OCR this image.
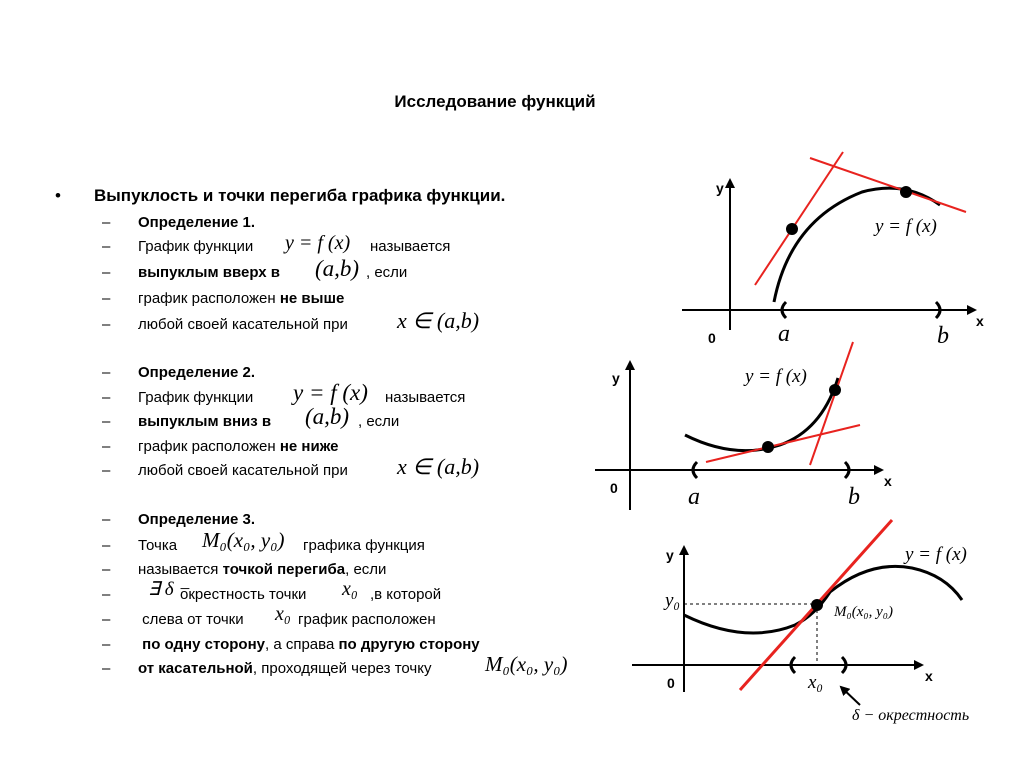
Исследование функций
• Выпуклость и точки перегиба графика функции.
– Определение 1.
– График функции y = f (x) называется
– выпуклым вверх в (a,b) , если
– график расположен не выше
– любой своей касательной при x ∈ (a,b)
– Определение 2.
– График функции y = f (x) называется
– выпуклым вниз в (a,b) , если
– график расположен не ниже
– любой своей касательной при x ∈ (a,b)
– Определение 3.
– Точка M₀(x₀, y₀) графика функция
– называется точкой перегиба, если
–	∃ δ −
окрестность точки x₀ ,в которой
– слева от точки x₀ график расположен
– по одну сторону, а справа по другую сторону
– от касательной, проходящей через точку	M₀(x₀, y₀)
y
x
0	a	b
y = f (x)
y
x
0	a	b
y = f (x)
y
x
0
y₀
x₀
M₀(x₀, y₀)
y = f (x)
δ − окрестность
